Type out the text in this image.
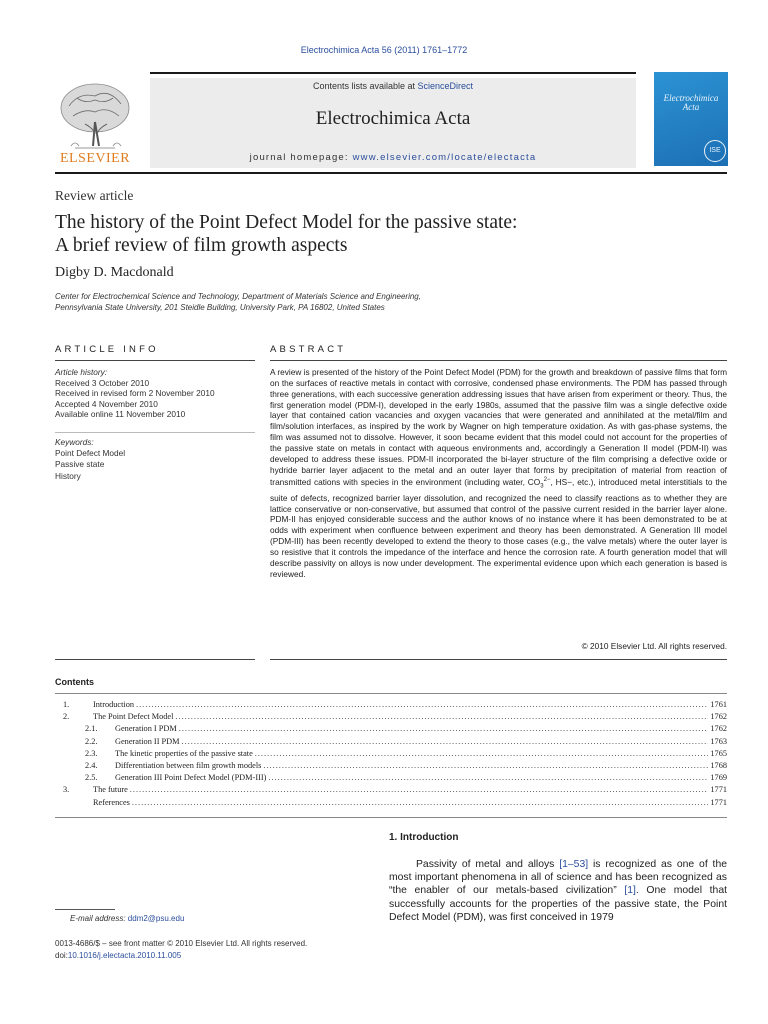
Electrochimica Acta 56 (2011) 1761–1772
Contents lists available at ScienceDirect
Electrochimica Acta
journal homepage: www.elsevier.com/locate/electacta
ELSEVIER
Electrochimica Acta
ISE
Review article
The history of the Point Defect Model for the passive state:
A brief review of film growth aspects
Digby D. Macdonald
Center for Electrochemical Science and Technology, Department of Materials Science and Engineering,
Pennsylvania State University, 201 Steidle Building, University Park, PA 16802, United States
ARTICLE INFO
Article history:
Received 3 October 2010
Received in revised form 2 November 2010
Accepted 4 November 2010
Available online 11 November 2010
Keywords:
Point Defect Model
Passive state
History
ABSTRACT
A review is presented of the history of the Point Defect Model (PDM) for the growth and breakdown of passive films that form on the surfaces of reactive metals in contact with corrosive, condensed phase environments. The PDM has passed through three generations, with each successive generation addressing issues that have arisen from experiment or theory. Thus, the first generation model (PDM-I), developed in the early 1980s, assumed that the passive film was a single defective oxide layer that contained cation vacancies and oxygen vacancies that were generated and annihilated at the metal/film and film/solution interfaces, as inspired by the work by Wagner on high temperature oxidation. As with gas-phase systems, the film was assumed not to dissolve. However, it soon became evident that this model could not account for the properties of the passive state on metals in contact with aqueous environments and, accordingly a Generation II model (PDM-II) was developed to address these issues. PDM-II incorporated the bi-layer structure of the film comprising a defective oxide or hydride barrier layer adjacent to the metal and an outer layer that forms by precipitation of material from reaction of transmitted cations with species in the environment (including water, $CO_3^{2-}$, HS−, etc.), introduced metal interstitials to the suite of defects, recognized barrier layer dissolution, and recognized the need to classify reactions as to whether they are lattice conservative or non-conservative, but assumed that control of the passive current resided in the barrier layer alone. PDM-II has enjoyed considerable success and the author knows of no instance where it has been demonstrated to be at odds with experiment when confluence between experiment and theory has been demonstrated. A Generation III model (PDM-III) has been recently developed to extend the theory to those cases (e.g., the valve metals) where the outer layer is so resistive that it controls the impedance of the interface and hence the corrosion rate. A fourth generation model that will describe passivity on alloys is now under development. The experimental evidence upon which each generation is based is reviewed.
© 2010 Elsevier Ltd. All rights reserved.
Contents
1.	Introduction .....	1761
2.	The Point Defect Model .....	1762
2.1.	Generation I PDM .....	1762
2.2.	Generation II PDM .....	1763
2.3.	The kinetic properties of the passive state .....	1765
2.4.	Differentiation between film growth models .....	1768
2.5.	Generation III Point Defect Model (PDM-III) .....	1769
3.	The future .....	1771
References .....	1771
1. Introduction
Passivity of metal and alloys [1–53] is recognized as one of the most important phenomena in all of science and has been recognized as “the enabler of our metals-based civilization” [1]. One model that successfully accounts for the properties of the passive state, the Point Defect Model (PDM), was first conceived in 1979
E-mail address: ddm2@psu.edu
0013-4686/$ – see front matter © 2010 Elsevier Ltd. All rights reserved.
doi:10.1016/j.electacta.2010.11.005
